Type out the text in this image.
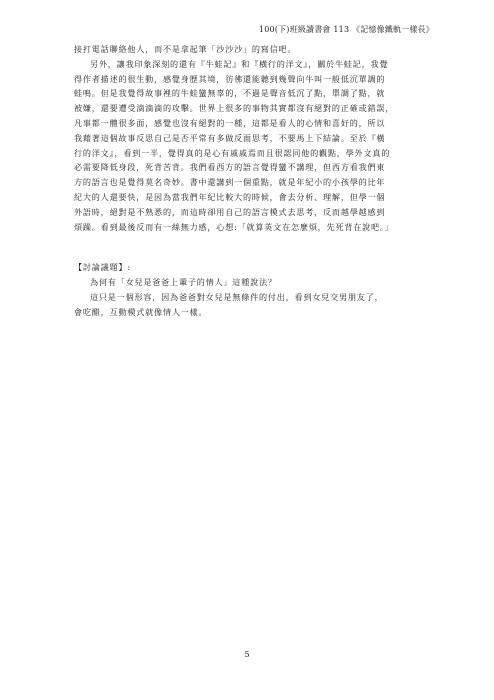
100(下)班級讀書會 113 《記憶像鐵軌一樣長》
接打電話聯絡他人，而不是拿起筆「沙沙沙」的寫信吧。
另外，讓我印象深刻的還有『牛蛙記』和『橫行的洋文』，關於牛蛙記，我覺
得作者描述的很生動，感覺身歷其境，彷彿還能聽到幾聲向牛叫一般低沉單調的
蛙鳴。但是我覺得故事裡的牛蛙蠻無辜的，不過是聲音低沉了點，單調了點，就
被嫌，還要遭受滴滴滴的攻擊。世界上很多的事物其實都沒有絕對的正確或錯誤，
凡事都一體很多面，感覺也沒有絕對的一種，這都是看人的心情和喜好的，所以
我藉著這個故事反思自己是否平常有多做反面思考，不要馬上下結論。至於『橫
行的洋文』，看到一半，覺得真的是心有戚戚焉而且很認同他的觀點，學外文真的
必需要降低身段，死背苦背。我們看西方的語言覺得蠻不講理，但西方看我們東
方的語言也是覺得莫名奇妙。書中還講到一個重點，就是年紀小的小孩學的比年
紀大的人還要快，是因為當我們年紀比較大的時候，會去分析、理解，但學一個
外語時，絕對是不熟悉的，而這時卻用自己的語言模式去思考，反而越學越感到
煩躁。看到最後反而有一絲無力感，心想:「就算英文在怎麼煩，先死背在說吧。」
【討論議題】:
為何有「女兒是爸爸上輩子的情人」這種說法？
這只是一個形容，因為爸爸對女兒是無條件的付出，看到女兒交男朋友了，
會吃醋，互動模式就像情人一樣。
5
